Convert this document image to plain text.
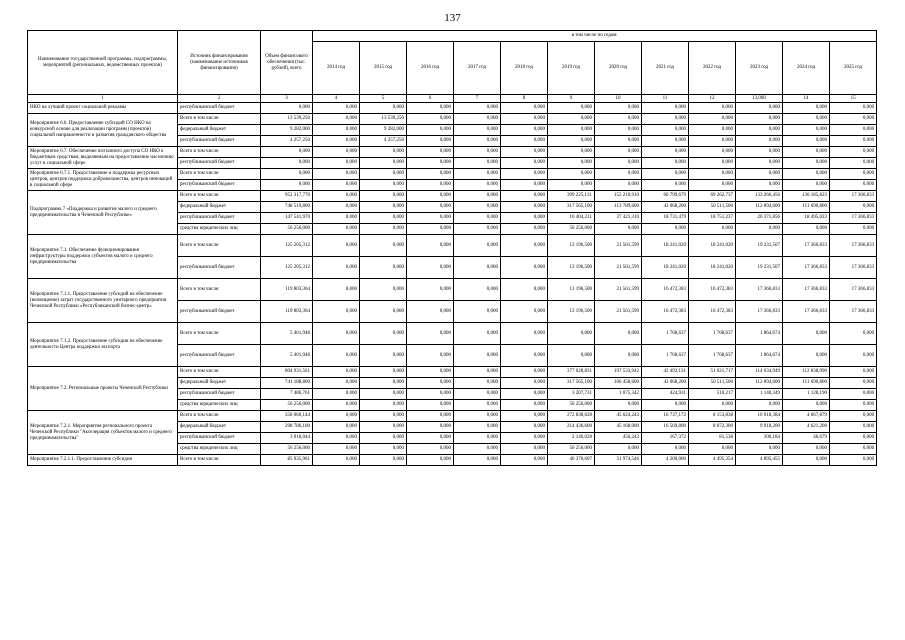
137
Наименование государственной программы, подпрограммы, мероприятий (региональных, ведомственных проектов)	Источник финансирования (наименование источников финансирования)	Объем финансового обеспечения (тыс. рублей), всего	в том числе по годам:											
			2014 год	2015 год	2016 год	2017 год	2018 год	2019 год	2020 год	2021 год	2022 год	2023 год	2024 год	2025 год
1	2	3	4	5	6	7	8	9	10	11	12	13,000	14	15
НКО на лучший проект социальной рекламы	республиканский бюджет	0,000	0,000	0,000	0,000	0,000	0,000	0,000	0,000	0,000	0,000	0,000	0,000	0,000
Мероприятие 6.6. Предоставление субсидий СО НКО на конкурсной основе для реализации программ (проектов) социальной направленности и развития гражданского общества	Всего в том числе:	13 539,250	0,000	13 539,250	0,000	0,000	0,000	0,000	0,000	0,000	0,000	0,000	0,000	0,000
	федеральный бюджет	9 282,000	0,000	9 282,000	0,000	0,000	0,000	0,000	0,000	0,000	0,000	0,000	0,000	0,000
	республиканский бюджет	4 257,250	0,000	4 257,250	0,000	0,000	0,000	0,000	0,000	0,000	0,000	0,000	0,000	0,000
Мероприятие 6.7. Обеспечение поэтапного доступа СО НКО к бюджетным средствам, выделяемым на предоставление населению услуг в социальной сфере	Всего в том числе:	0,000	0,000	0,000	0,000	0,000	0,000	0,000	0,000	0,000	0,000	0,000	0,000	0,000
	республиканский бюджет	0,000	0,000	0,000	0,000	0,000	0,000	0,000	0,000	0,000	0,000	0,000	0,000	0,000
Мероприятие 6.7.1. Предоставление и поддержка ресурсных центров, центров поддержки добровольчества, центров инноваций в социальной сфере	Всего в том числе:	0,000	0,000	0,000	0,000	0,000	0,000	0,000	0,000	0,000	0,000	0,000	0,000	0,000
	республиканский бюджет	0,000	0,000	0,000	0,000	0,000	0,000	0,000	0,000	0,000	0,000	0,000	0,000	0,000
Подпрограмма 7 «Поддержка и развитие малого и среднего предпринимательства в Чеченской Республике»	Всего в том числе:	952 317,770	0,000	0,000	0,000	0,000	0,000	399 225,131	155 210,910	60 799,679	69 262,737	133 266,456	130 185,823	17 366,833
	федеральный бюджет	748 519,800	0,000	0,000	0,000	0,000	0,000	317 565,100	113 789,600	42 068,200	50 511,500	112 894,600	111 690,800	0,000
	республиканский бюджет	147 541,970	0,000	0,000	0,000	0,000	0,000	16 404,231	37 421,310	18 731,479	18 751,237	20 371,856	18 495,023	17 366,833
	средства юридических лиц	56 256,000	0,000	0,000	0,000	0,000	0,000	56 256,000	0,000	0,000	0,000	0,000	0,000	0,000
Мероприятие 7.1. Обеспечение функционирования инфраструктуры поддержки субъектов малого и среднего предпринимательства	Всего в том числе:	125 205,312	0,000	0,000	0,000	0,000	0,000	13 196,500	21 561,599	18 241,020	18 241,020	19 231,507	17 366,833	17 366,833
	республиканский бюджет	125 205,312	0,000	0,000	0,000	0,000	0,000	13 196,500	21 561,599	18 241,020	18 241,020	19 231,507	17 366,833	17 366,833
Мероприятие 7.1.1. Предоставление субсидий на обеспечение (возмещение) затрат государственного унитарного предприятия Чеченской Республики «Республиканский бизнес-центр»	Всего в том числе:	119 803,364	0,000	0,000	0,000	0,000	0,000	13 196,500	21 561,599	16 472,383	16 472,383	17 366,833	17 366,833	17 366,833
	республиканский бюджет	119 803,364	0,000	0,000	0,000	0,000	0,000	13 196,500	21 561,599	16 472,383	16 472,383	17 366,833	17 366,833	17 366,833
Мероприятие 7.1.2. Предоставление субсидии на обеспечение деятельности Центра поддержки экспорта	Всего в том числе:	5 401,948	0,000	0,000	0,000	0,000	0,000	0,000	0,000	1 768,637	1 768,637	1 864,674	0,000	0,000
	республиканский бюджет	5 401,948	0,000	0,000	0,000	0,000	0,000	0,000	0,000	1 768,637	1 768,637	1 864,674	0,000	0,000
Мероприятие 7.2. Региональные проекты Чеченской Республики	Всего в том числе:	804 931,561	0,000	0,000	0,000	0,000	0,000	377 028,831	197 533,942	42 493,131	51 021,717	114 034,949	112 838,990	0,000
	федеральный бюджет	741 188,800	0,000	0,000	0,000	0,000	0,000	317 565,100	106 458,600	42 068,200	50 511,500	112 894,600	111 690,800	0,000
	республиканский бюджет	7 486,761	0,000	0,000	0,000	0,000	0,000	3 207,731	1 075,342	424,931	510,217	1 140,349	1 128,190	0,000
	средства юридических лиц	56 256,000	0,000	0,000	0,000	0,000	0,000	56 256,000	0,000	0,000	0,000	0,000	0,000	0,000
Мероприятие 7.2.1. Мероприятия регионального проекта Чеченской Республики "Акселерация субъектов малого и среднего предпринимательства"	Всего в том числе:	358 060,144	0,000	0,000	0,000	0,000	0,000	272 838,628	45 624,243	16 737,172	8 153,838	10 018,384	4 667,879	0,000
	федеральный бюджет	298 786,100	0,000	0,000	0,000	0,000	0,000	214 436,600	45 168,000	16 569,800	8 072,300	9 918,200	4 621,200	0,000
	республиканский бюджет	3 018,044	0,000	0,000	0,000	0,000	0,000	2 146,028	456,243	167,372	81,538	100,184	46,679	0,000
	средства юридических лиц	56 256,000	0,000	0,000	0,000	0,000	0,000	56 256,000	0,000	0,000	0,000	0,000	0,000	0,000
Мероприятие 7.2.1.1. Предоставление субсидии	Всего в том числе:	85 935,961	0,000	0,000	0,000	0,000	0,000	40 370,607	31 974,546	4 200,000	4 495,354	4 895,455	0,000	0,000
